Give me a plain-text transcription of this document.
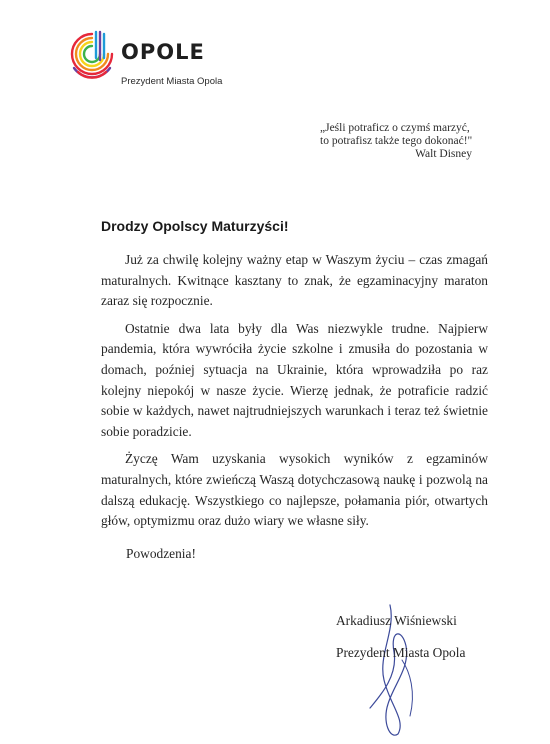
OPOLE
Prezydent Miasta Opola
„Jeśli potraficz o czymś marzyć,
to potrafisz także tego dokonać!"
Walt Disney
Drodzy Opolscy Maturzyści!

Już za chwilę kolejny ważny etap w Waszym życiu – czas zmagań maturalnych. Kwitnące kasztany to znak, że egzaminacyjny maraton zaraz się rozpocznie.

Ostatnie dwa lata były dla Was niezwykle trudne. Najpierw pandemia, która wywróciła życie szkolne i zmusiła do pozostania w domach, poźniej sytuacja na Ukrainie, która wprowadziła po raz kolejny niepokój w nasze życie. Wierzę jednak, że potraficie radzić sobie w każdych, nawet najtrudniejszych warunkach i teraz też świetnie sobie poradzicie.

Życzę Wam uzyskania wysokich wyników z egzaminów maturalnych, które zwieńczą Waszą dotychczasową naukę i pozwolą na dalszą edukację. Wszystkiego co najlepsze, połamania piór, otwartych głów, optymizmu oraz dużo wiary we własne siły.

Powodzenia!
Arkadiusz Wiśniewski
Prezydent Miasta Opola
